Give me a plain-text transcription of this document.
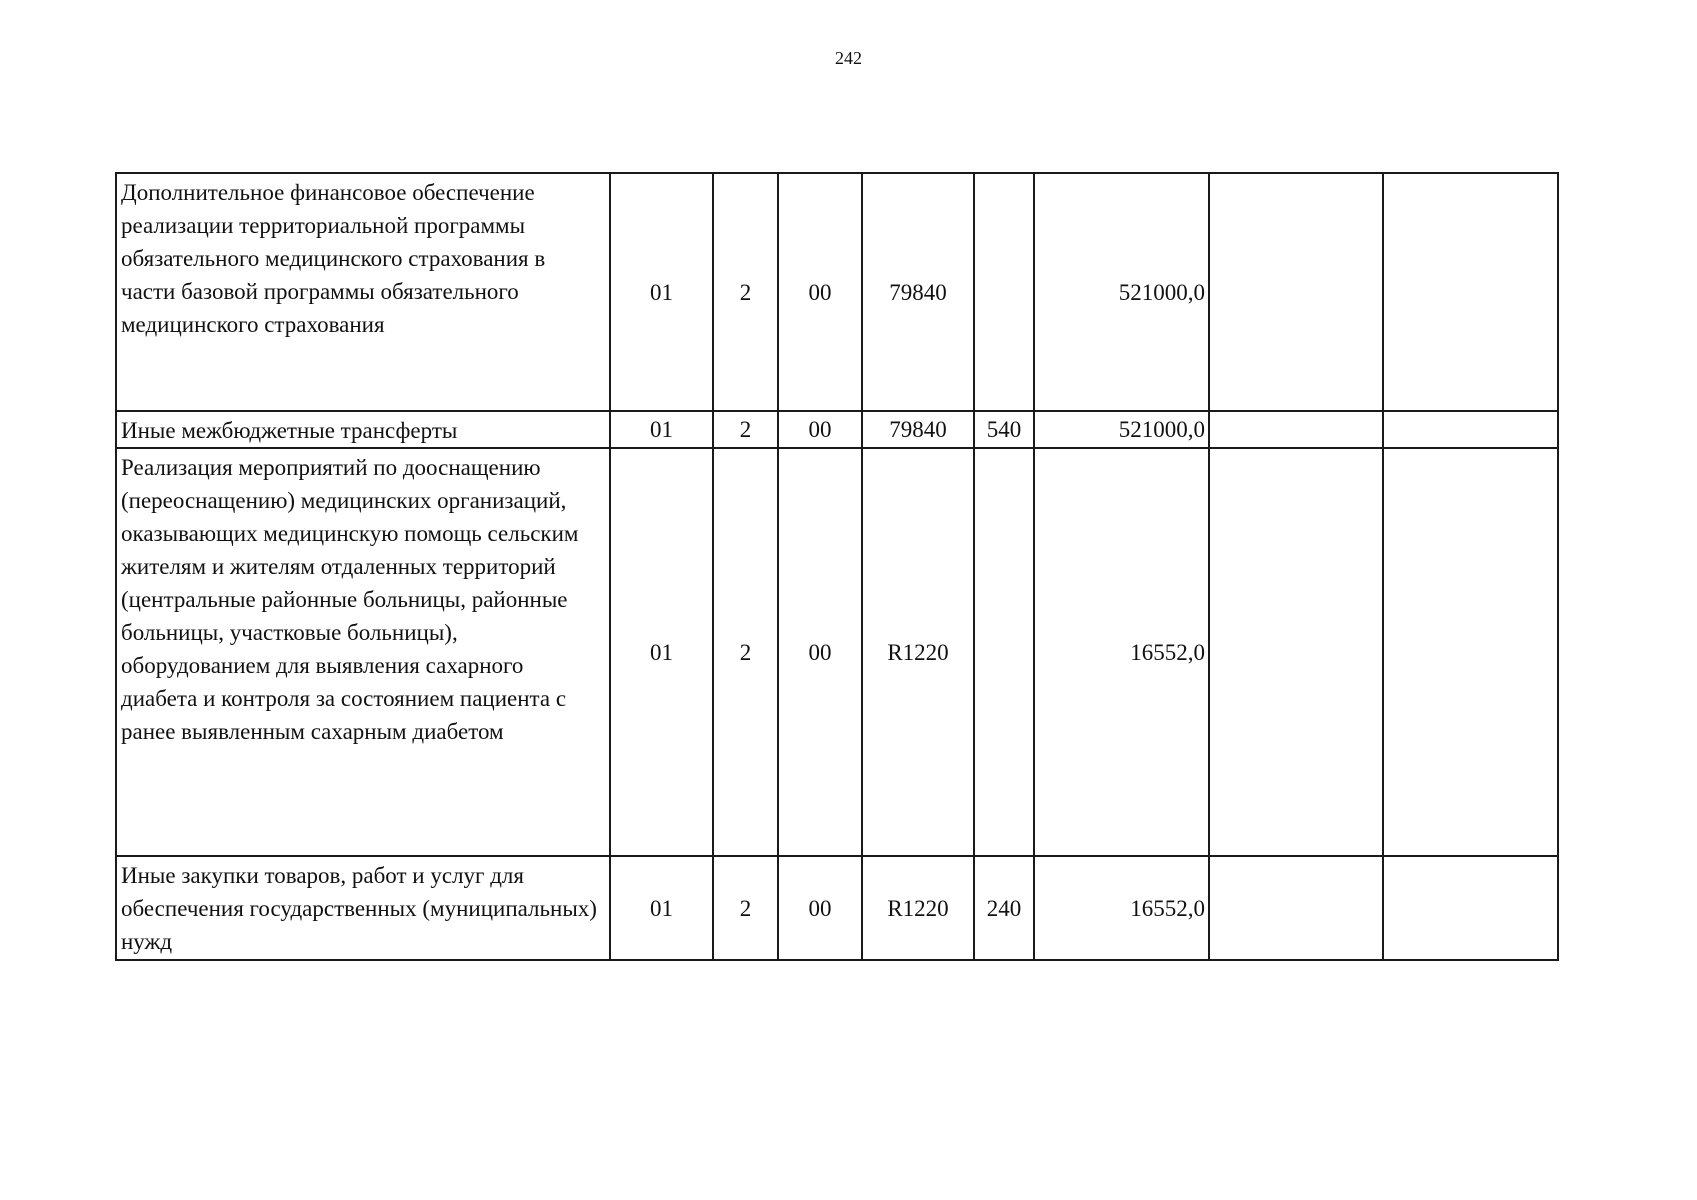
242
Дополнительное финансовое обеспечение реализации территориальной программы обязательного медицинского страхования в части базовой программы обязательного медицинского страхования	01	2	00	79840		521000,0		
Иные межбюджетные трансферты	01	2	00	79840	540	521000,0		
Реализация мероприятий по дооснащению (переоснащению) медицинских организаций, оказывающих медицинскую помощь сельским жителям и жителям отдаленных территорий (центральные районные больницы, районные больницы, участковые больницы), оборудованием для выявления сахарного диабета и контроля за состоянием пациента с ранее выявленным сахарным диабетом	01	2	00	R1220		16552,0		
Иные закупки товаров, работ и услуг для обеспечения государственных (муниципальных) нужд	01	2	00	R1220	240	16552,0		
